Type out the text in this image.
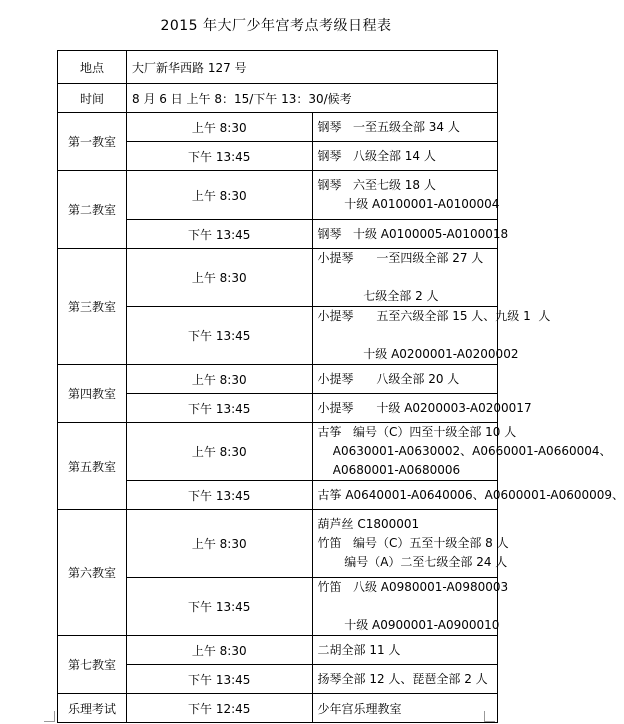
2015 年大厂少年宫考点考级日程表
地点	大厂新华西路 127 号	
时间	8 月 6 日 上午 8：15/下午 13：30/候考	
第一教室	上午 8:30	钢琴   一至五级全部 34 人

	下午 13:45	钢琴   八级全部 14 人

第二教室	上午 8:30	钢琴   六至七级 18 人
十级 A0100001-A0100004

	下午 13:45	钢琴   十级 A0100005-A0100018

第三教室	上午 8:30	小提琴      一至四级全部 27 人
七级全部 2 人

	下午 13:45	小提琴      五至六级全部 15 人、九级 1  人
十级 A0200001-A0200002

第四教室	上午 8:30	小提琴      八级全部 20 人

	下午 13:45	小提琴      十级 A0200003-A0200017

第五教室	上午 8:30	古筝   编号（C）四至十级全部 10 人
A0630001-A0630002、A0660001-A0660004、
A0680001-A0680006

	下午 13:45	古筝 A0640001-A0640006、A0600001-A0600009、

第六教室	上午 8:30	葫芦丝 C1800001
竹笛   编号（C）五至十级全部 8 人
编号（A）二至七级全部 24 人

	下午 13:45	竹笛   八级 A0980001-A0980003
十级 A0900001-A0900010

第七教室	上午 8:30	二胡全部 11 人

	下午 13:45	扬琴全部 12 人、琵琶全部 2 人

乐理考试	下午 12:45	少年宫乐理教室
